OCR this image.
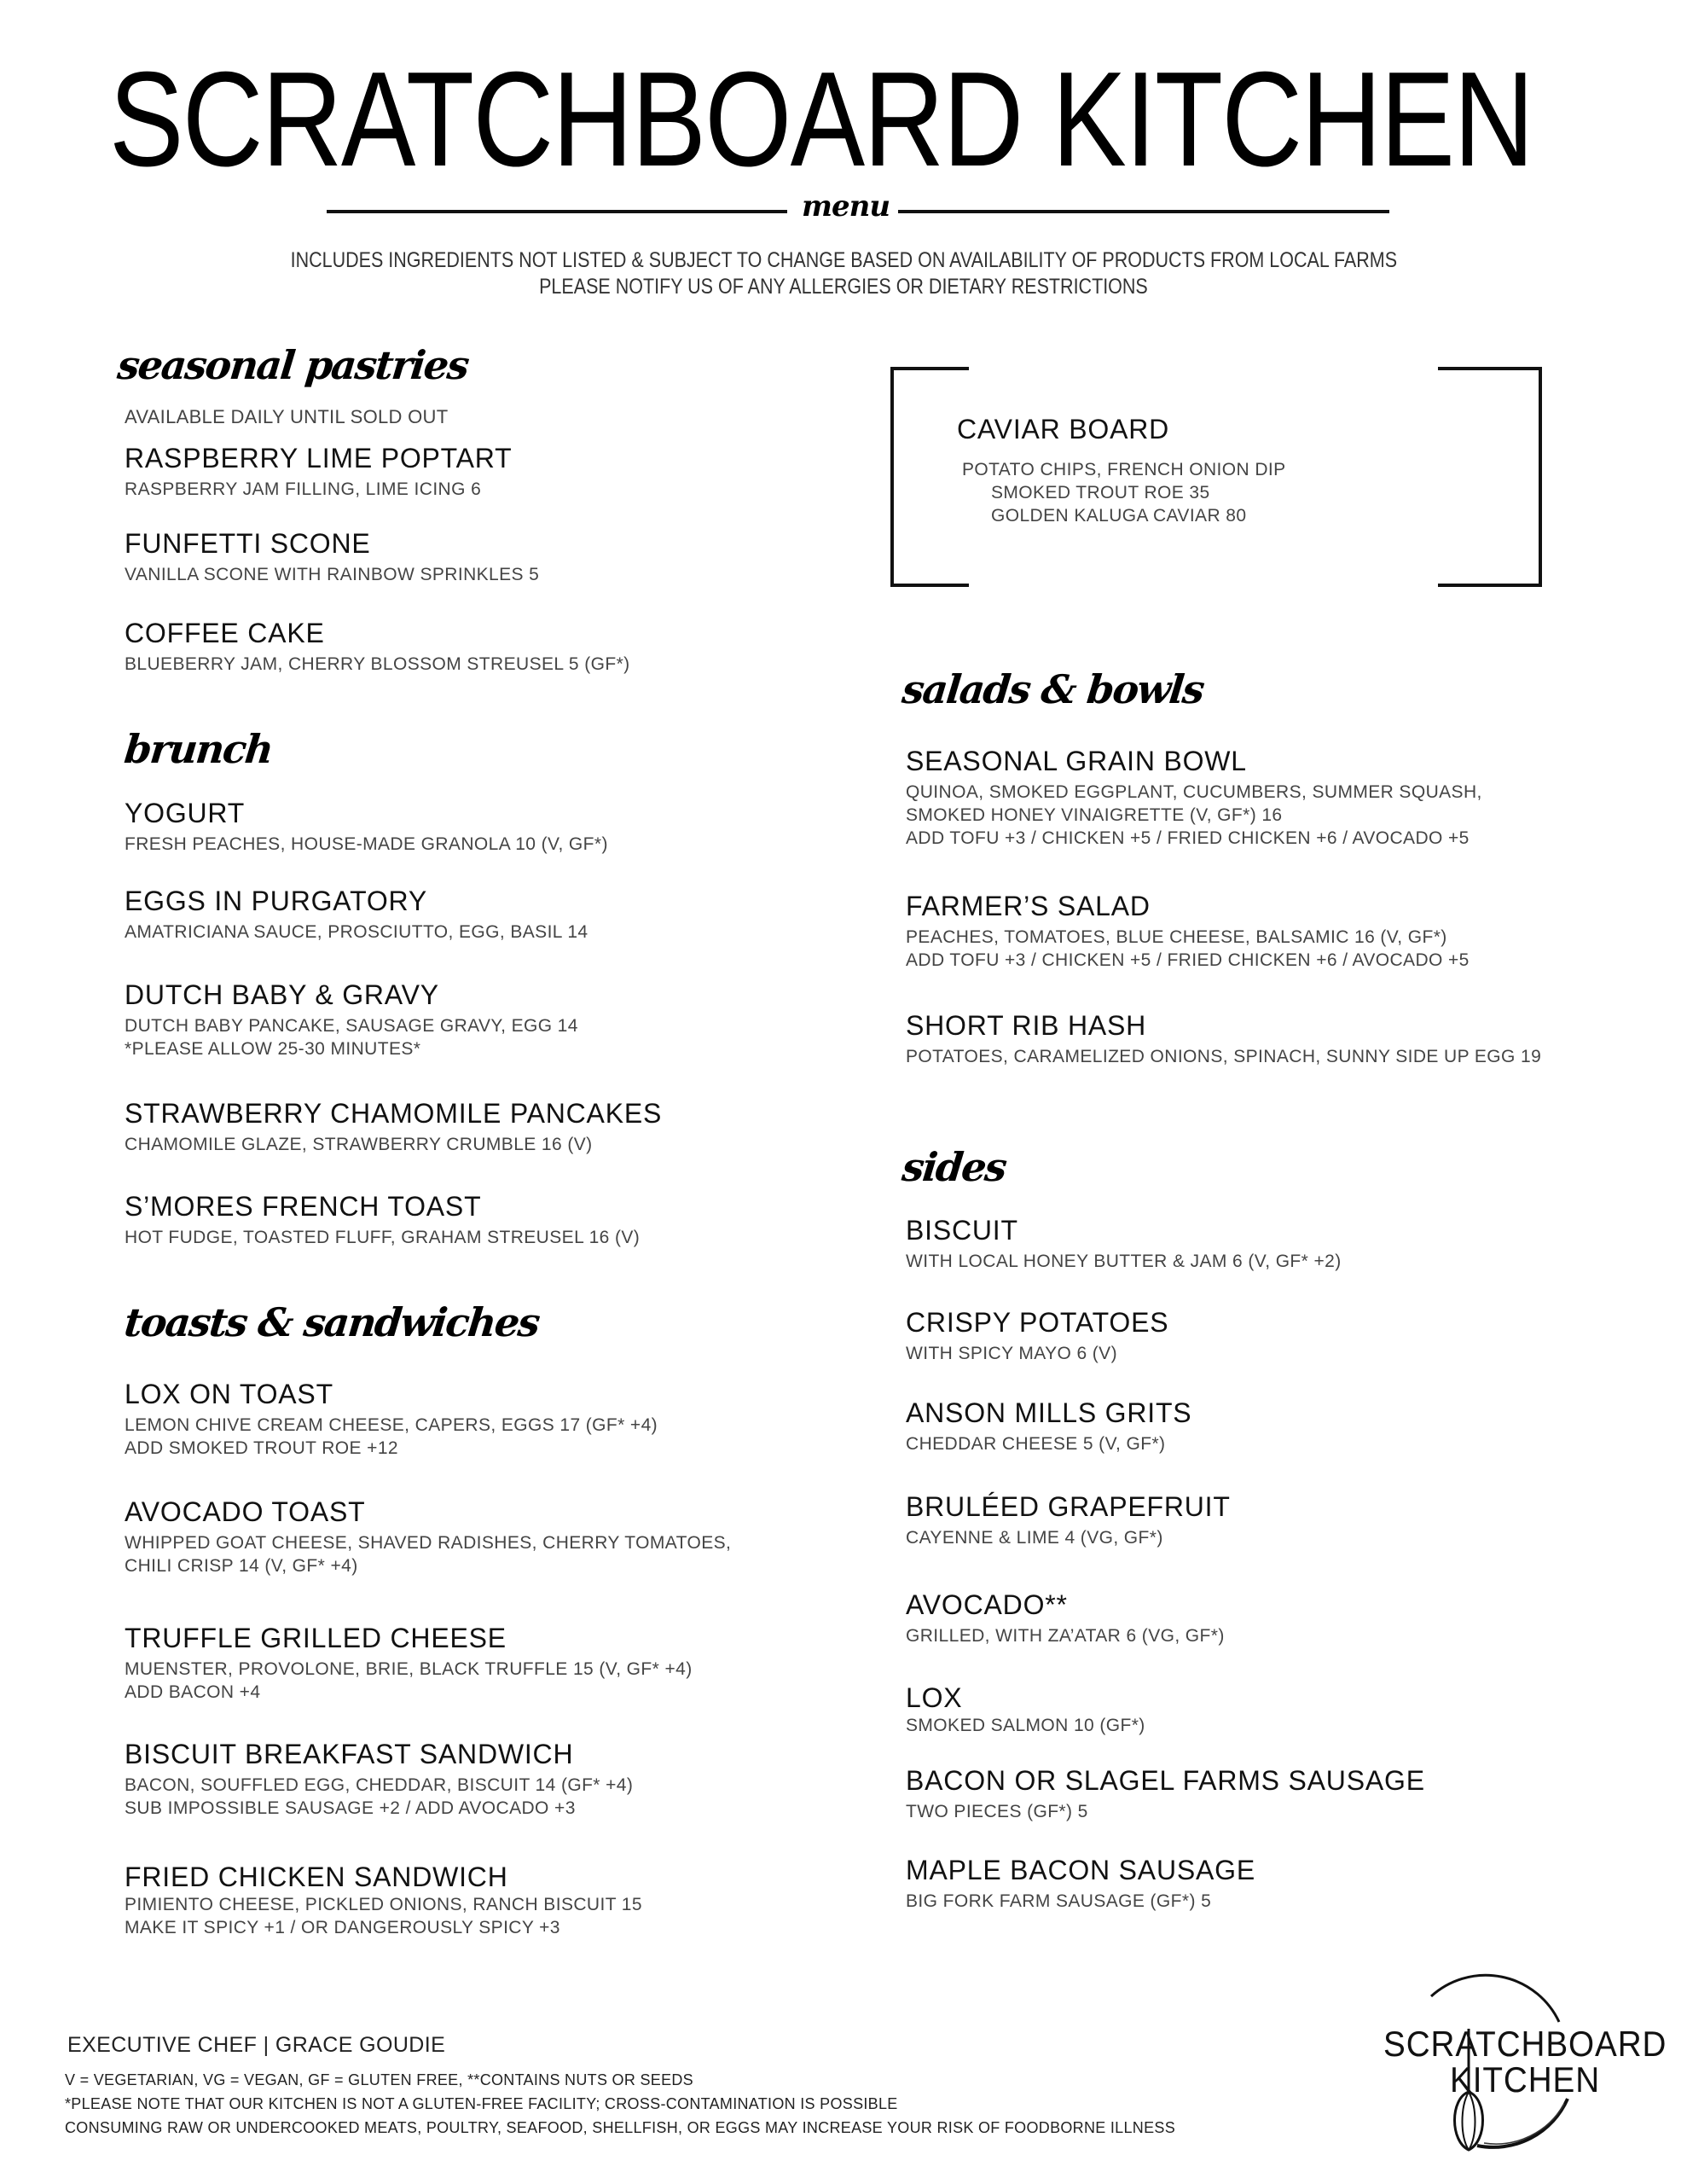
SCRATCHBOARD KITCHEN
menu
INCLUDES INGREDIENTS NOT LISTED & SUBJECT TO CHANGE BASED ON AVAILABILITY OF PRODUCTS FROM LOCAL FARMS
PLEASE NOTIFY US OF ANY ALLERGIES OR DIETARY RESTRICTIONS
seasonal pastries
AVAILABLE DAILY UNTIL SOLD OUT
RASPBERRY LIME POPTART
RASPBERRY JAM FILLING, LIME ICING 6
FUNFETTI SCONE
VANILLA SCONE WITH RAINBOW SPRINKLES 5
COFFEE CAKE
BLUEBERRY JAM, CHERRY BLOSSOM STREUSEL 5 (GF*)
brunch
YOGURT
FRESH PEACHES, HOUSE-MADE GRANOLA 10 (V, GF*)
EGGS IN PURGATORY
AMATRICIANA SAUCE, PROSCIUTTO, EGG, BASIL 14
DUTCH BABY & GRAVY
DUTCH BABY PANCAKE, SAUSAGE GRAVY, EGG 14
*PLEASE ALLOW 25-30 MINUTES*
STRAWBERRY CHAMOMILE PANCAKES
CHAMOMILE GLAZE, STRAWBERRY CRUMBLE 16 (V)
S’MORES FRENCH TOAST
HOT FUDGE, TOASTED FLUFF, GRAHAM STREUSEL 16 (V)
toasts & sandwiches
LOX ON TOAST
LEMON CHIVE CREAM CHEESE, CAPERS, EGGS 17 (GF* +4)
ADD SMOKED TROUT ROE +12
AVOCADO TOAST
WHIPPED GOAT CHEESE, SHAVED RADISHES, CHERRY TOMATOES,
CHILI CRISP 14 (V, GF* +4)
TRUFFLE GRILLED CHEESE
MUENSTER, PROVOLONE, BRIE, BLACK TRUFFLE 15 (V, GF* +4)
ADD BACON +4
BISCUIT BREAKFAST SANDWICH
BACON, SOUFFLED EGG, CHEDDAR, BISCUIT 14 (GF* +4)
SUB IMPOSSIBLE SAUSAGE +2 / ADD AVOCADO +3
FRIED CHICKEN SANDWICH
PIMIENTO CHEESE, PICKLED ONIONS, RANCH BISCUIT 15
MAKE IT SPICY +1 / OR DANGEROUSLY SPICY +3
CAVIAR BOARD
POTATO CHIPS, FRENCH ONION DIP
SMOKED TROUT ROE 35
GOLDEN KALUGA CAVIAR 80
salads & bowls
SEASONAL GRAIN BOWL
QUINOA, SMOKED EGGPLANT, CUCUMBERS, SUMMER SQUASH,
SMOKED HONEY VINAIGRETTE (V, GF*) 16
ADD TOFU +3 / CHICKEN +5 / FRIED CHICKEN +6 / AVOCADO +5
FARMER’S SALAD
PEACHES, TOMATOES, BLUE CHEESE, BALSAMIC 16 (V, GF*)
ADD TOFU +3 / CHICKEN +5 / FRIED CHICKEN +6 / AVOCADO +5
SHORT RIB HASH
POTATOES, CARAMELIZED ONIONS, SPINACH, SUNNY SIDE UP EGG 19
sides
BISCUIT
WITH LOCAL HONEY BUTTER & JAM 6 (V, GF* +2)
CRISPY POTATOES
WITH SPICY MAYO 6 (V)
ANSON MILLS GRITS
CHEDDAR CHEESE 5 (V, GF*)
BRULÉED GRAPEFRUIT
CAYENNE & LIME 4 (VG, GF*)
AVOCADO**
GRILLED, WITH ZA’ATAR 6 (VG, GF*)
LOX
SMOKED SALMON 10 (GF*)
BACON OR SLAGEL FARMS SAUSAGE
TWO PIECES (GF*) 5
MAPLE BACON SAUSAGE
BIG FORK FARM SAUSAGE (GF*) 5
EXECUTIVE CHEF | GRACE GOUDIE
V = VEGETARIAN, VG = VEGAN, GF = GLUTEN FREE, **CONTAINS NUTS OR SEEDS
*PLEASE NOTE THAT OUR KITCHEN IS NOT A GLUTEN-FREE FACILITY; CROSS-CONTAMINATION IS POSSIBLE
CONSUMING RAW OR UNDERCOOKED MEATS, POULTRY, SEAFOOD, SHELLFISH, OR EGGS MAY INCREASE YOUR RISK OF FOODBORNE ILLNESS
SCRATCHBOARD
KITCHEN
